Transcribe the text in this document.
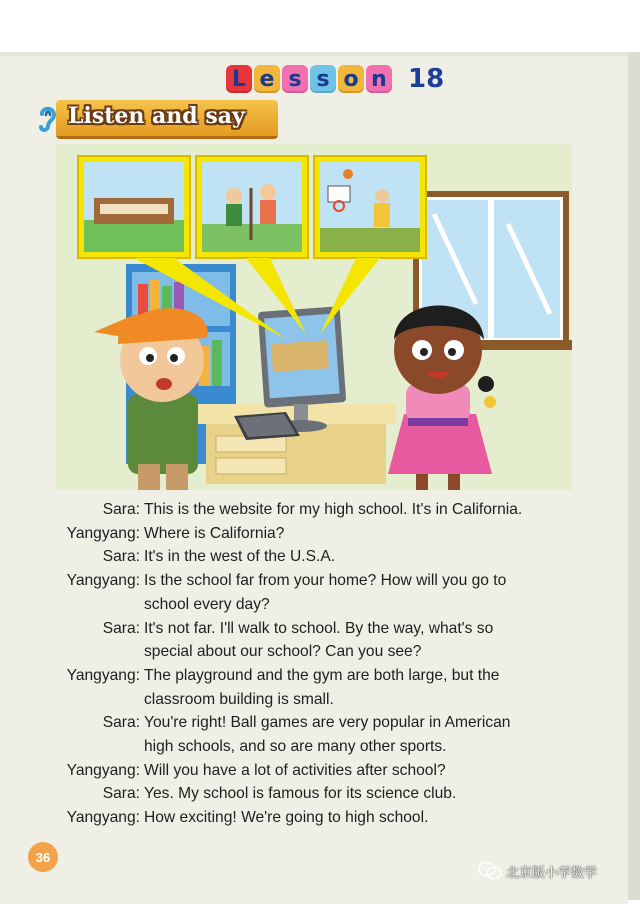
L e s s o n 18
Listen and say
Sara: This is the website for my high school. It's in California.
Yangyang: Where is California?
Sara: It's in the west of the U.S.A.
Yangyang: Is the school far from your home? How will you go to
school every day?
Sara: It's not far. I'll walk to school. By the way, what's so
special about our school? Can you see?
Yangyang: The playground and the gym are both large, but the
classroom building is small.
Sara: You're right! Ball games are very popular in American
high schools, and so are many other sports.
Yangyang: Will you have a lot of activities after school?
Sara: Yes. My school is famous for its science club.
Yangyang: How exciting! We're going to high school.
36
北京版小学数学
